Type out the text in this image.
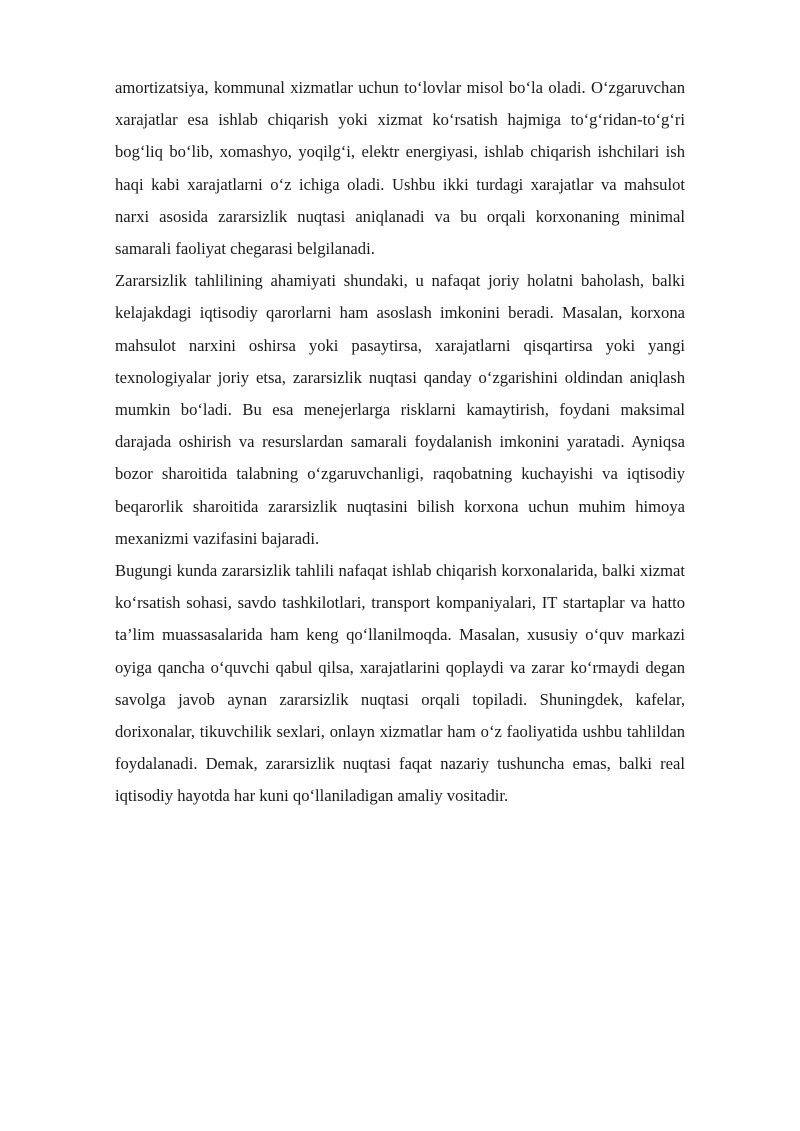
amortizatsiya, kommunal xizmatlar uchun to‘lovlar misol bo‘la oladi. O‘zgaruvchan xarajatlar esa ishlab chiqarish yoki xizmat ko‘rsatish hajmiga to‘g‘ridan-to‘g‘ri bog‘liq bo‘lib, xomashyo, yoqilg‘i, elektr energiyasi, ishlab chiqarish ishchilari ish haqi kabi xarajatlarni o‘z ichiga oladi. Ushbu ikki turdagi xarajatlar va mahsulot narxi asosida zararsizlik nuqtasi aniqlanadi va bu orqali korxonaning minimal samarali faoliyat chegarasi belgilanadi.

Zararsizlik tahlilining ahamiyati shundaki, u nafaqat joriy holatni baholash, balki kelajakdagi iqtisodiy qarorlarni ham asoslash imkonini beradi. Masalan, korxona mahsulot narxini oshirsa yoki pasaytirsa, xarajatlarni qisqartirsa yoki yangi texnologiyalar joriy etsa, zararsizlik nuqtasi qanday o‘zgarishini oldindan aniqlash mumkin bo‘ladi. Bu esa menejerlarga risklarni kamaytirish, foydani maksimal darajada oshirish va resurslardan samarali foydalanish imkonini yaratadi. Ayniqsa bozor sharoitida talabning o‘zgaruvchanligi, raqobatning kuchayishi va iqtisodiy beqarorlik sharoitida zararsizlik nuqtasini bilish korxona uchun muhim himoya mexanizmi vazifasini bajaradi.

Bugungi kunda zararsizlik tahlili nafaqat ishlab chiqarish korxonalarida, balki xizmat ko‘rsatish sohasi, savdo tashkilotlari, transport kompaniyalari, IT startaplar va hatto ta’lim muassasalarida ham keng qo‘llanilmoqda. Masalan, xususiy o‘quv markazi oyiga qancha o‘quvchi qabul qilsa, xarajatlarini qoplaydi va zarar ko‘rmaydi degan savolga javob aynan zararsizlik nuqtasi orqali topiladi. Shuningdek, kafelar, dorixonalar, tikuvchilik sexlari, onlayn xizmatlar ham o‘z faoliyatida ushbu tahlildan foydalanadi. Demak, zararsizlik nuqtasi faqat nazariy tushuncha emas, balki real iqtisodiy hayotda har kuni qo‘llaniladigan amaliy vositadir.
